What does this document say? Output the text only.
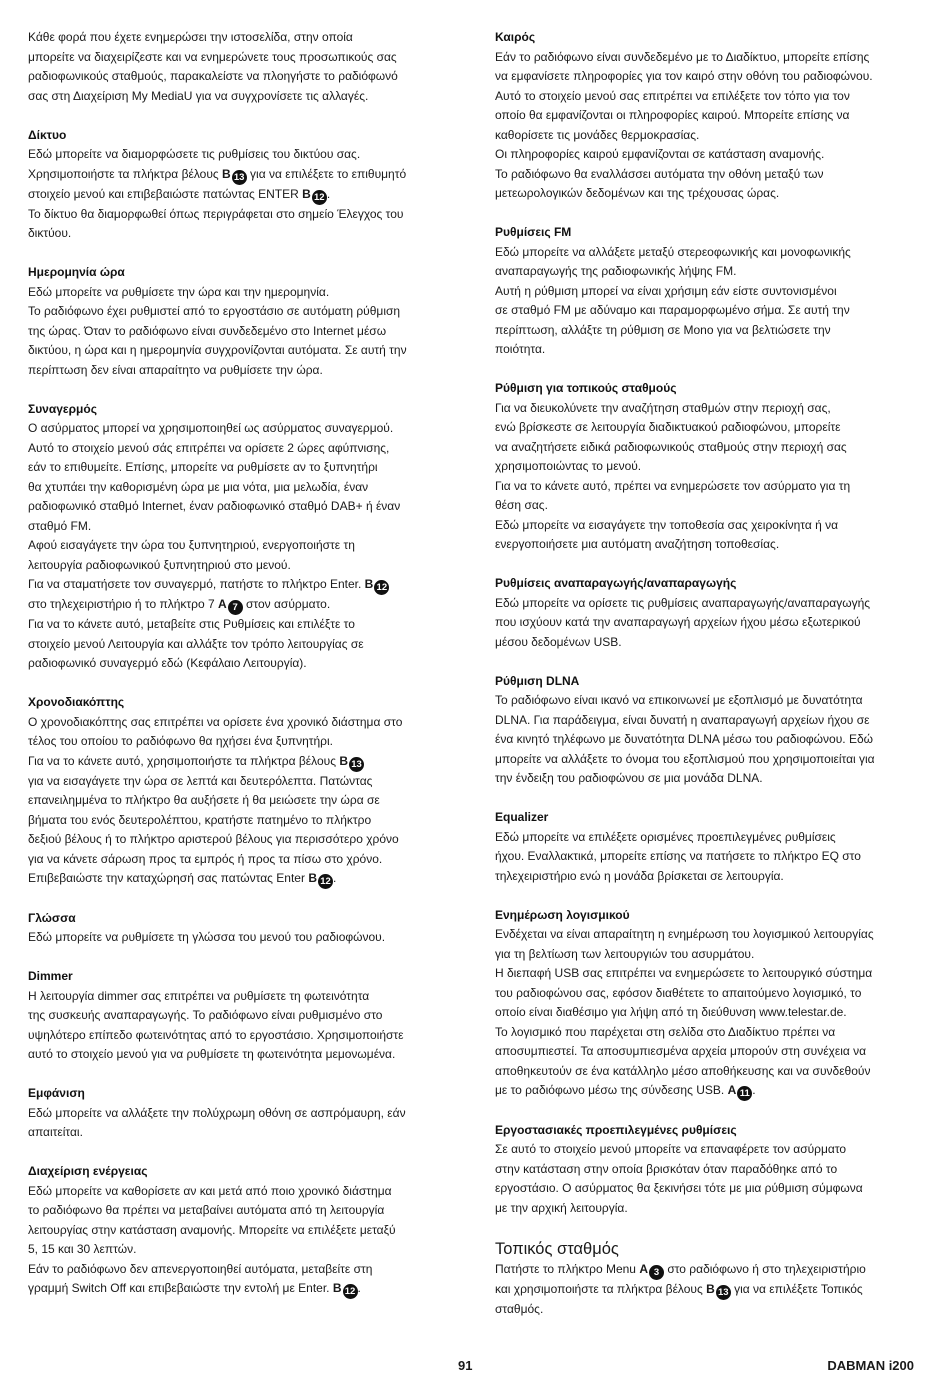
Κάθε φορά που έχετε ενημερώσει την ιστοσελίδα, στην οποία
μπορείτε να διαχειρίζεστε και να ενημερώνετε τους προσωπικούς σας
ραδιοφωνικούς σταθμούς, παρακαλείστε να πλοηγήστε το ραδιόφωνό
σας στη Διαχείριση My MediaU για να συγχρονίσετε τις αλλαγές.

Δίκτυο

Εδώ μπορείτε να διαμορφώσετε τις ρυθμίσεις του δικτύου σας.
Χρησιμοποιήστε τα πλήκτρα βέλους B 13 για να επιλέξετε το επιθυμητό
στοιχείο μενού και επιβεβαιώστε πατώντας ENTER B 12 .
Το δίκτυο θα διαμορφωθεί όπως περιγράφεται στο σημείο Έλεγχος του
δικτύου.

Ημερομηνία ώρα

Εδώ μπορείτε να ρυθμίσετε την ώρα και την ημερομηνία.
Το ραδιόφωνο έχει ρυθμιστεί από το εργοστάσιο σε αυτόματη ρύθμιση
της ώρας. Όταν το ραδιόφωνο είναι συνδεδεμένο στο Internet μέσω
δικτύου, η ώρα και η ημερομηνία συγχρονίζονται αυτόματα. Σε αυτή την
περίπτωση δεν είναι απαραίτητο να ρυθμίσετε την ώρα.

Συναγερμός

Ο ασύρματος μπορεί να χρησιμοποιηθεί ως ασύρματος συναγερμού.
Αυτό το στοιχείο μενού σάς επιτρέπει να ορίσετε 2 ώρες αφύπνισης,
εάν το επιθυμείτε. Επίσης, μπορείτε να ρυθμίσετε αν το ξυπνητήρι
θα χτυπάει την καθορισμένη ώρα με μια νότα, μια μελωδία, έναν
ραδιοφωνικό σταθμό Internet, έναν ραδιοφωνικό σταθμό DAB+ ή έναν
σταθμό FM.
Αφού εισαγάγετε την ώρα του ξυπνητηριού, ενεργοποιήστε τη
λειτουργία ραδιοφωνικού ξυπνητηριού στο μενού.
Για να σταματήσετε τον συναγερμό, πατήστε το πλήκτρο Enter. B 12
στο τηλεχειριστήριο ή το πλήκτρο 7 A 7 στον ασύρματο.
Για να το κάνετε αυτό, μεταβείτε στις Ρυθμίσεις και επιλέξτε το
στοιχείο μενού Λειτουργία και αλλάξτε τον τρόπο λειτουργίας σε
ραδιοφωνικό συναγερμό εδώ (Κεφάλαιο Λειτουργία).

Χρονοδιακόπτης

Ο χρονοδιακόπτης σας επιτρέπει να ορίσετε ένα χρονικό διάστημα στο
τέλος του οποίου το ραδιόφωνο θα ηχήσει ένα ξυπνητήρι.
Για να το κάνετε αυτό, χρησιμοποιήστε τα πλήκτρα βέλους B 13
για να εισαγάγετε την ώρα σε λεπτά και δευτερόλεπτα. Πατώντας
επανειλημμένα το πλήκτρο θα αυξήσετε ή θα μειώσετε την ώρα σε
βήματα του ενός δευτερολέπτου, κρατήστε πατημένο το πλήκτρο
δεξιού βέλους ή το πλήκτρο αριστερού βέλους για περισσότερο χρόνο
για να κάνετε σάρωση προς τα εμπρός ή προς τα πίσω στο χρόνο.
Επιβεβαιώστε την καταχώρησή σας πατώντας Enter B 12 .

Γλώσσα

Εδώ μπορείτε να ρυθμίσετε τη γλώσσα του μενού του ραδιοφώνου.

Dimmer

Η λειτουργία dimmer σας επιτρέπει να ρυθμίσετε τη φωτεινότητα
της συσκευής αναπαραγωγής. Το ραδιόφωνο είναι ρυθμισμένο στο
υψηλότερο επίπεδο φωτεινότητας από το εργοστάσιο. Χρησιμοποιήστε
αυτό το στοιχείο μενού για να ρυθμίσετε τη φωτεινότητα μεμονωμένα.

Εμφάνιση

Εδώ μπορείτε να αλλάξετε την πολύχρωμη οθόνη σε ασπρόμαυρη, εάν
απαιτείται.

Διαχείριση ενέργειας

Εδώ μπορείτε να καθορίσετε αν και μετά από ποιο χρονικό διάστημα
το ραδιόφωνο θα πρέπει να μεταβαίνει αυτόματα από τη λειτουργία
λειτουργίας στην κατάσταση αναμονής. Μπορείτε να επιλέξετε μεταξύ
5, 15 και 30 λεπτών.
Εάν το ραδιόφωνο δεν απενεργοποιηθεί αυτόματα, μεταβείτε στη
γραμμή Switch Off και επιβεβαιώστε την εντολή με Enter. B 12 .

Καιρός

Εάν το ραδιόφωνο είναι συνδεδεμένο με το Διαδίκτυο, μπορείτε επίσης
να εμφανίσετε πληροφορίες για τον καιρό στην οθόνη του ραδιοφώνου.
Αυτό το στοιχείο μενού σας επιτρέπει να επιλέξετε τον τόπο για τον
οποίο θα εμφανίζονται οι πληροφορίες καιρού. Μπορείτε επίσης να
καθορίσετε τις μονάδες θερμοκρασίας.
Οι πληροφορίες καιρού εμφανίζονται σε κατάσταση αναμονής.
Το ραδιόφωνο θα εναλλάσσει αυτόματα την οθόνη μεταξύ των
μετεωρολογικών δεδομένων και της τρέχουσας ώρας.

Ρυθμίσεις FM

Εδώ μπορείτε να αλλάξετε μεταξύ στερεοφωνικής και μονοφωνικής
αναπαραγωγής της ραδιοφωνικής λήψης FM.
Αυτή η ρύθμιση μπορεί να είναι χρήσιμη εάν είστε συντονισμένοι
σε σταθμό FM με αδύναμο και παραμορφωμένο σήμα. Σε αυτή την
περίπτωση, αλλάξτε τη ρύθμιση σε Mono για να βελτιώσετε την
ποιότητα.

Ρύθμιση για τοπικούς σταθμούς

Για να διευκολύνετε την αναζήτηση σταθμών στην περιοχή σας,
ενώ βρίσκεστε σε λειτουργία διαδικτυακού ραδιοφώνου, μπορείτε
να αναζητήσετε ειδικά ραδιοφωνικούς σταθμούς στην περιοχή σας
χρησιμοποιώντας το μενού.
Για να το κάνετε αυτό, πρέπει να ενημερώσετε τον ασύρματο για τη
θέση σας.
Εδώ μπορείτε να εισαγάγετε την τοποθεσία σας χειροκίνητα ή να
ενεργοποιήσετε μια αυτόματη αναζήτηση τοποθεσίας.

Ρυθμίσεις αναπαραγωγής/αναπαραγωγής

Εδώ μπορείτε να ορίσετε τις ρυθμίσεις αναπαραγωγής/αναπαραγωγής
που ισχύουν κατά την αναπαραγωγή αρχείων ήχου μέσω εξωτερικού
μέσου δεδομένων USB.

Ρύθμιση DLNA

Το ραδιόφωνο είναι ικανό να επικοινωνεί με εξοπλισμό με δυνατότητα
DLNA. Για παράδειγμα, είναι δυνατή η αναπαραγωγή αρχείων ήχου σε
ένα κινητό τηλέφωνο με δυνατότητα DLNA μέσω του ραδιοφώνου. Εδώ
μπορείτε να αλλάξετε το όνομα του εξοπλισμού που χρησιμοποιείται για
την ένδειξη του ραδιοφώνου σε μια μονάδα DLNA.

Equalizer

Εδώ μπορείτε να επιλέξετε ορισμένες προεπιλεγμένες ρυθμίσεις
ήχου. Εναλλακτικά, μπορείτε επίσης να πατήσετε το πλήκτρο EQ στο
τηλεχειριστήριο ενώ η μονάδα βρίσκεται σε λειτουργία.

Ενημέρωση λογισμικού

Ενδέχεται να είναι απαραίτητη η ενημέρωση του λογισμικού λειτουργίας
για τη βελτίωση των λειτουργιών του ασυρμάτου.
Η διεπαφή USB σας επιτρέπει να ενημερώσετε το λειτουργικό σύστημα
του ραδιοφώνου σας, εφόσον διαθέτετε το απαιτούμενο λογισμικό, το
οποίο είναι διαθέσιμο για λήψη από τη διεύθυνση www.telestar.de.
Το λογισμικό που παρέχεται στη σελίδα στο Διαδίκτυο πρέπει να
αποσυμπιεστεί. Τα αποσυμπιεσμένα αρχεία μπορούν στη συνέχεια να
αποθηκευτούν σε ένα κατάλληλο μέσο αποθήκευσης και να συνδεθούν
με το ραδιόφωνο μέσω της σύνδεσης USB. A 11 .

Εργοστασιακές προεπιλεγμένες ρυθμίσεις

Σε αυτό το στοιχείο μενού μπορείτε να επαναφέρετε τον ασύρματο
στην κατάσταση στην οποία βρισκόταν όταν παραδόθηκε από το
εργοστάσιο. Ο ασύρματος θα ξεκινήσει τότε με μια ρύθμιση σύμφωνα
με την αρχική λειτουργία.

Τοπικός σταθμός

Πατήστε το πλήκτρο Menu A 3 στο ραδιόφωνο ή στο τηλεχειριστήριο
και χρησιμοποιήστε τα πλήκτρα βέλους B 13 για να επιλέξετε Τοπικός
σταθμός.

91	DABMAN i200
